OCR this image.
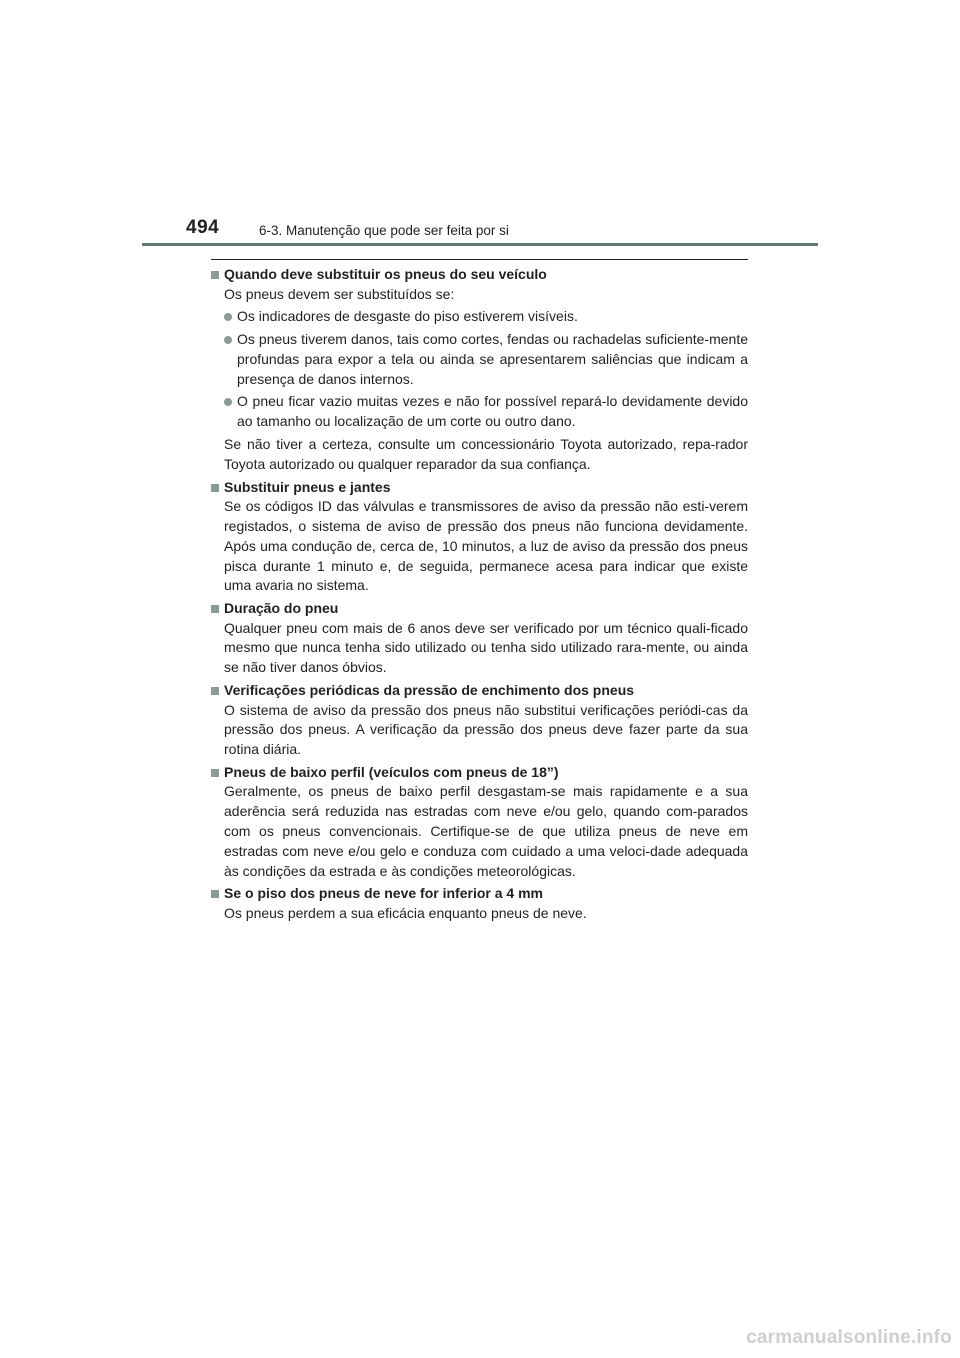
494	6-3. Manutenção que pode ser feita por si
Quando deve substituir os pneus do seu veículo

Os pneus devem ser substituídos se:

Os indicadores de desgaste do piso estiverem visíveis.
Os pneus tiverem danos, tais como cortes, fendas ou rachadelas suficiente-mente profundas para expor a tela ou ainda se apresentarem saliências que indicam a presença de danos internos.
O pneu ficar vazio muitas vezes e não for possível repará-lo devidamente devido ao tamanho ou localização de um corte ou outro dano.

Se não tiver a certeza, consulte um concessionário Toyota autorizado, repa-rador Toyota autorizado ou qualquer reparador da sua confiança.

Substituir pneus e jantes

Se os códigos ID das válvulas e transmissores de aviso da pressão não esti-verem registados, o sistema de aviso de pressão dos pneus não funciona devidamente. Após uma condução de, cerca de, 10 minutos, a luz de aviso da pressão dos pneus pisca durante 1 minuto e, de seguida, permanece acesa para indicar que existe uma avaria no sistema.

Duração do pneu

Qualquer pneu com mais de 6 anos deve ser verificado por um técnico quali-ficado mesmo que nunca tenha sido utilizado ou tenha sido utilizado rara-mente, ou ainda se não tiver danos óbvios.

Verificações periódicas da pressão de enchimento dos pneus

O sistema de aviso da pressão dos pneus não substitui verificações periódi-cas da pressão dos pneus. A verificação da pressão dos pneus deve fazer parte da sua rotina diária.

Pneus de baixo perfil (veículos com pneus de 18”)

Geralmente, os pneus de baixo perfil desgastam-se mais rapidamente e a sua aderência será reduzida nas estradas com neve e/ou gelo, quando com-parados com os pneus convencionais. Certifique-se de que utiliza pneus de neve em estradas com neve e/ou gelo e conduza com cuidado a uma veloci-dade adequada às condições da estrada e às condições meteorológicas.

Se o piso dos pneus de neve for inferior a 4 mm

Os pneus perdem a sua eficácia enquanto pneus de neve.

carmanualsonline.info
